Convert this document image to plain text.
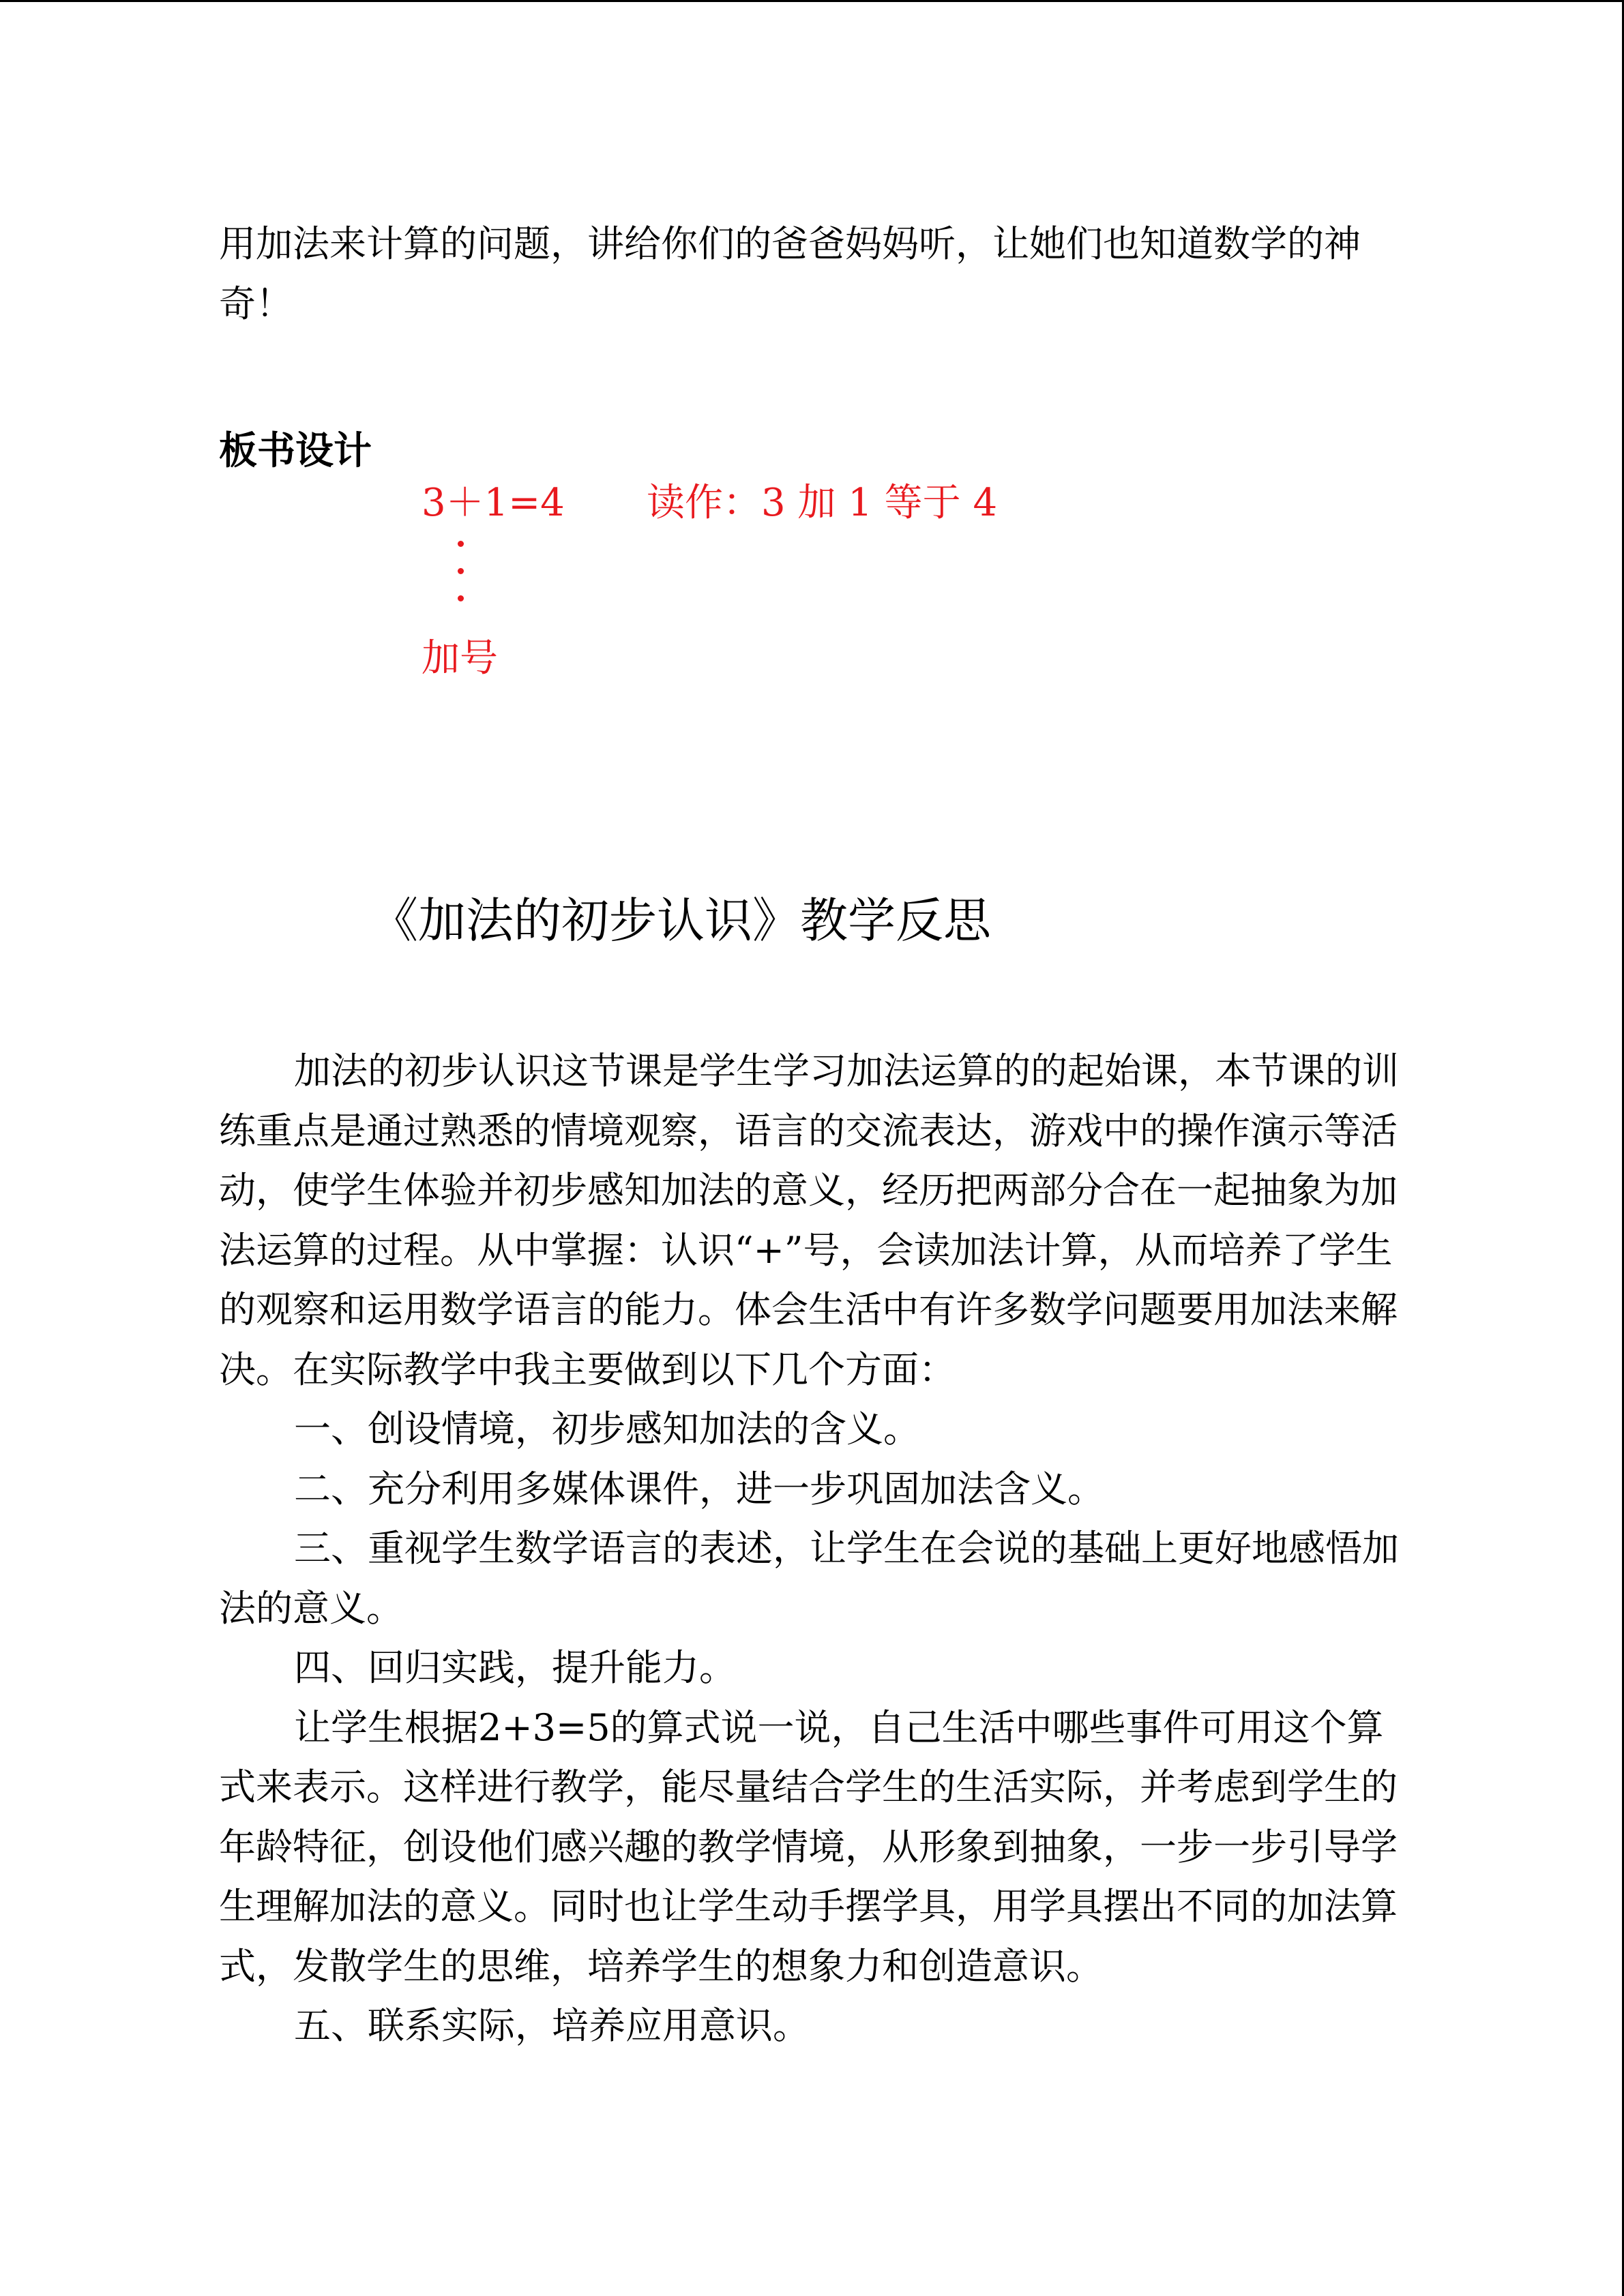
用加法来计算的问题，讲给你们的爸爸妈妈听，让她们也知道数学的神奇！
板书设计
3＋1=4 读作：3 加 1 等于 4
加号
《加法的初步认识》教学反思

加法的初步认识这节课是学生学习加法运算的的起始课，本节课的训练重点是通过熟悉的情境观察，语言的交流表达，游戏中的操作演示等活动，使学生体验并初步感知加法的意义，经历把两部分合在一起抽象为加法运算的过程。从中掌握：认识“+”号，会读加法计算，从而培养了学生的观察和运用数学语言的能力。体会生活中有许多数学问题要用加法来解决。在实际教学中我主要做到以下几个方面：

一、创设情境，初步感知加法的含义。

二、充分利用多媒体课件，进一步巩固加法含义。

三、重视学生数学语言的表述，让学生在会说的基础上更好地感悟加法的意义。

四、回归实践，提升能力。

让学生根据2+3=5的算式说一说，自己生活中哪些事件可用这个算式来表示。这样进行教学，能尽量结合学生的生活实际，并考虑到学生的年龄特征，创设他们感兴趣的教学情境，从形象到抽象，一步一步引导学生理解加法的意义。同时也让学生动手摆学具，用学具摆出不同的加法算式，发散学生的思维，培养学生的想象力和创造意识。

五、联系实际，培养应用意识。
